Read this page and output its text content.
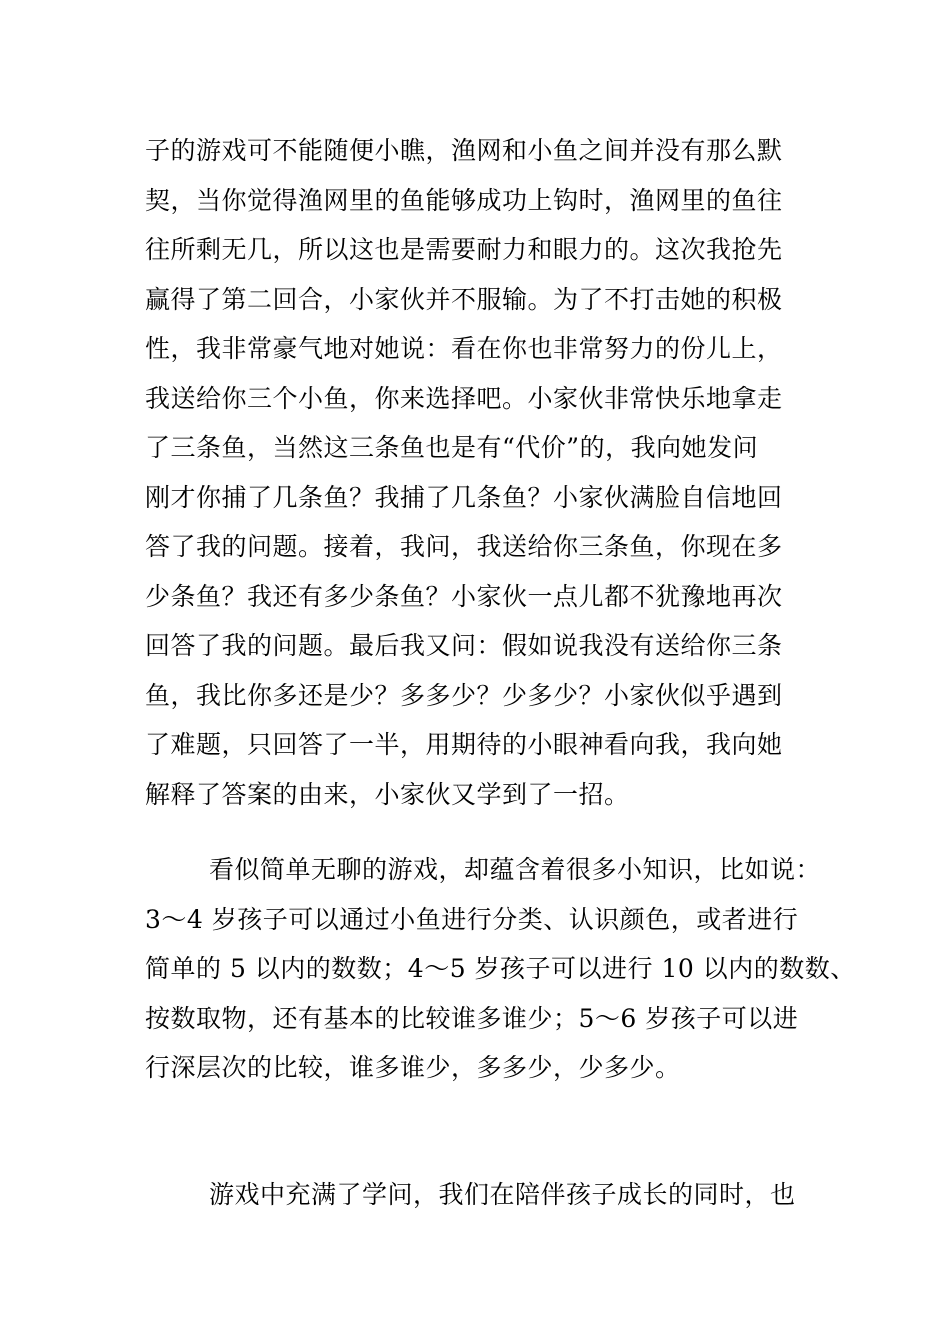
子的游戏可不能随便小瞧，渔网和小鱼之间并没有那么默
契，当你觉得渔网里的鱼能够成功上钩时，渔网里的鱼往
往所剩无几，所以这也是需要耐力和眼力的。这次我抢先
赢得了第二回合，小家伙并不服输。为了不打击她的积极
性，我非常豪气地对她说：看在你也非常努力的份儿上，
我送给你三个小鱼，你来选择吧。小家伙非常快乐地拿走
了三条鱼，当然这三条鱼也是有“代价”的，我向她发问
刚才你捕了几条鱼？我捕了几条鱼？小家伙满脸自信地回
答了我的问题。接着，我问，我送给你三条鱼，你现在多
少条鱼？我还有多少条鱼？小家伙一点儿都不犹豫地再次
回答了我的问题。最后我又问：假如说我没有送给你三条
鱼，我比你多还是少？多多少？少多少？小家伙似乎遇到
了难题，只回答了一半，用期待的小眼神看向我，我向她
解释了答案的由来，小家伙又学到了一招。
看似简单无聊的游戏，却蕴含着很多小知识，比如说：
3～4 岁孩子可以通过小鱼进行分类、认识颜色，或者进行
简单的 5 以内的数数；4～5 岁孩子可以进行 10 以内的数数、
按数取物，还有基本的比较谁多谁少；5～6 岁孩子可以进
行深层次的比较，谁多谁少，多多少，少多少。
游戏中充满了学问，我们在陪伴孩子成长的同时，也
